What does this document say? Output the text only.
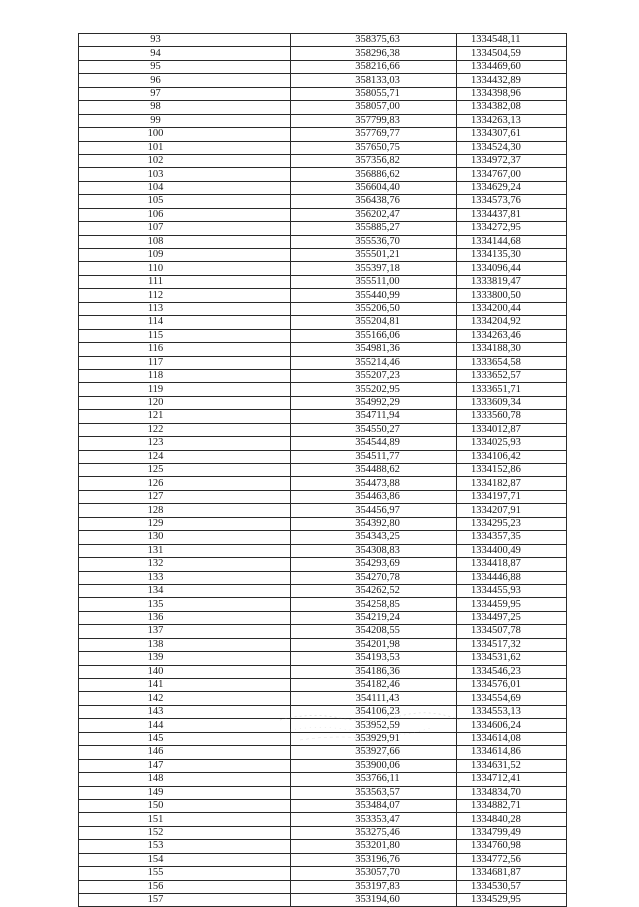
93	358375,63	1334548,11
94	358296,38	1334504,59
95	358216,66	1334469,60
96	358133,03	1334432,89
97	358055,71	1334398,96
98	358057,00	1334382,08
99	357799,83	1334263,13
100	357769,77	1334307,61
101	357650,75	1334524,30
102	357356,82	1334972,37
103	356886,62	1334767,00
104	356604,40	1334629,24
105	356438,76	1334573,76
106	356202,47	1334437,81
107	355885,27	1334272,95
108	355536,70	1334144,68
109	355501,21	1334135,30
110	355397,18	1334096,44
111	355511,00	1333819,47
112	355440,99	1333800,50
113	355206,50	1334200,44
114	355204,81	1334204,92
115	355166,06	1334263,46
116	354981,36	1334188,30
117	355214,46	1333654,58
118	355207,23	1333652,57
119	355202,95	1333651,71
120	354992,29	1333609,34
121	354711,94	1333560,78
122	354550,27	1334012,87
123	354544,89	1334025,93
124	354511,77	1334106,42
125	354488,62	1334152,86
126	354473,88	1334182,87
127	354463,86	1334197,71
128	354456,97	1334207,91
129	354392,80	1334295,23
130	354343,25	1334357,35
131	354308,83	1334400,49
132	354293,69	1334418,87
133	354270,78	1334446,88
134	354262,52	1334455,93
135	354258,85	1334459,95
136	354219,24	1334497,25
137	354208,55	1334507,78
138	354201,98	1334517,32
139	354193,53	1334531,62
140	354186,36	1334546,23
141	354182,46	1334576,01
142	354111,43	1334554,69
143	354106,23	1334553,13
144	353952,59	1334606,24
145	353929,91	1334614,08
146	353927,66	1334614,86
147	353900,06	1334631,52
148	353766,11	1334712,41
149	353563,57	1334834,70
150	353484,07	1334882,71
151	353353,47	1334840,28
152	353275,46	1334799,49
153	353201,80	1334760,98
154	353196,76	1334772,56
155	353057,70	1334681,87
156	353197,83	1334530,57
157	353194,60	1334529,95
